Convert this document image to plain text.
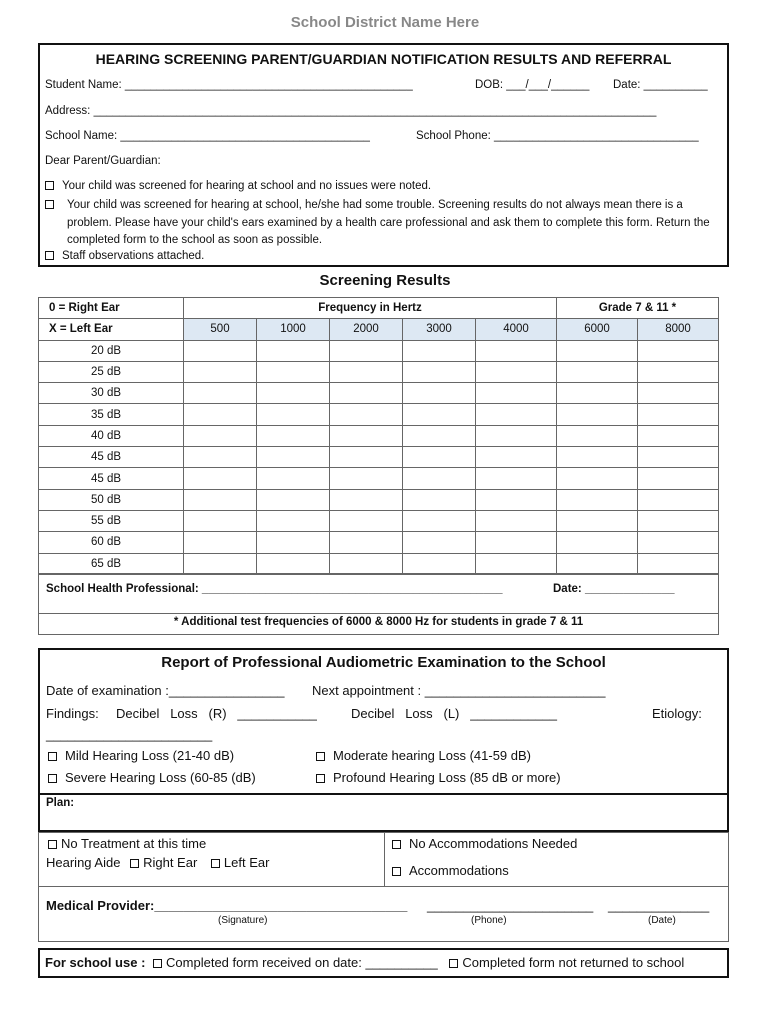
School District Name Here
HEARING SCREENING PARENT/GUARDIAN NOTIFICATION RESULTS AND REFERRAL
Student Name: _____________________________________________	DOB: ___/___/______ Date: __________
Address: ________________________________________________________________________________________
School Name: _______________________________________	School Phone: ________________________________
Dear Parent/Guardian:
Your child was screened for hearing at school and no issues were noted.
Your child was screened for hearing at school, he/she had some trouble. Screening results do not always mean there is a problem. Please have your child's ears examined by a health care professional and ask them to complete this form. Return the completed form to the school as soon as possible.
Staff observations attached.
Screening Results
0 = Right Ear	Frequency in Hertz					Grade 7 & 11 *	
X = Left Ear	500	1000	2000	3000	4000	6000	8000
20 dB							
25 dB							
30 dB							
35 dB							
40 dB							
45 dB							
45 dB							
50 dB							
55 dB							
60 dB							
65 dB							
School Health Professional: _______________________________________________	Date: ______________
* Additional test frequencies of 6000 & 8000 Hz for students in grade 7 & 11
Report of Professional Audiometric Examination to the School
Date of examination :________________ Next appointment : _________________________
Findings: Decibel   Loss   (R)   ___________	Decibel   Loss   (L)   ____________	Etiology:
_______________________
Mild Hearing Loss (21-40 dB)	Moderate hearing Loss (41-59 dB)
Severe Hearing Loss (60-85 (dB)	Profound Hearing Loss (85 dB or more)
Plan:
No Treatment at this time
Hearing Aide Right Ear Left Ear
No Accommodations Needed
Accommodations
Medical Provider:___________________________________ _______________________ ______________
(Signature)	(Phone)	(Date)
For school use : Completed form received on date: __________ Completed form not returned to school
